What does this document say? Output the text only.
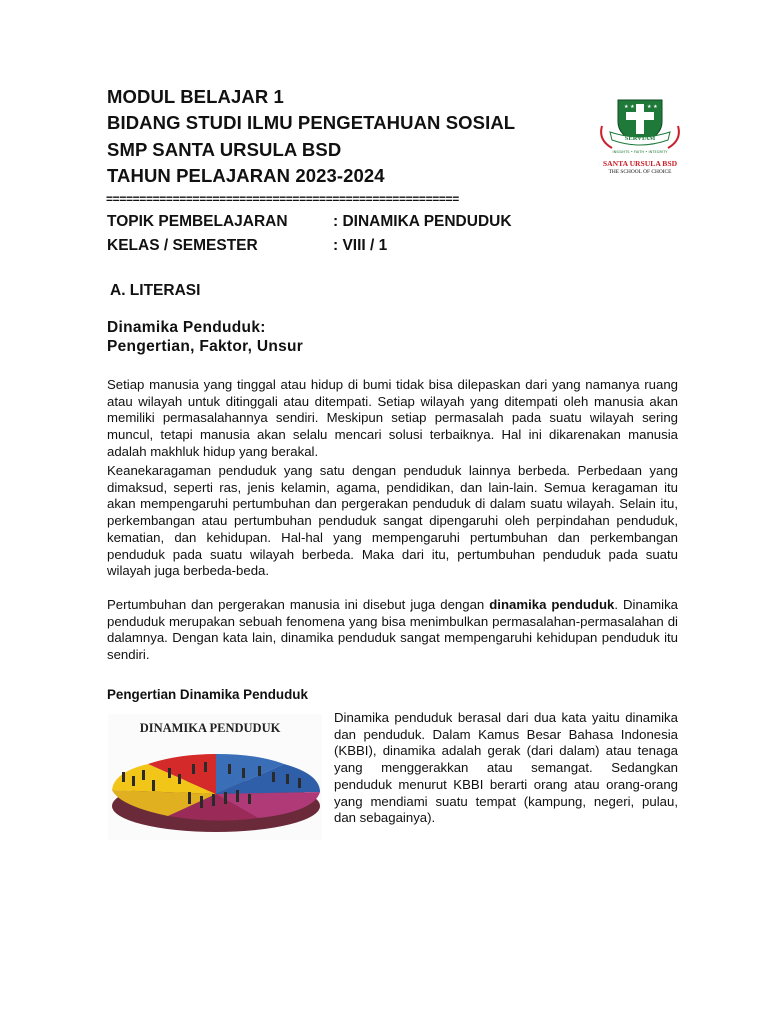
MODUL BELAJAR 1
BIDANG STUDI ILMU PENGETAHUAN SOSIAL
SMP SANTA URSULA BSD
TAHUN PELAJARAN 2023-2024
★ ★ ★ ★ ★
SERVIAM
INSIGHTS • FAITH • INTEGRITY
SANTA URSULA BSD
THE SCHOOL OF CHOICE
=====================================================
TOPIK PEMBELAJARAN	: DINAMIKA PENDUDUK
KELAS / SEMESTER	: VIII / 1
A. LITERASI
Dinamika Penduduk:
Pengertian, Faktor, Unsur

Setiap manusia yang tinggal atau hidup di bumi tidak bisa dilepaskan dari yang namanya ruang atau wilayah untuk ditinggali atau ditempati. Setiap wilayah yang ditempati oleh manusia akan memiliki permasalahannya sendiri. Meskipun setiap permasalah pada suatu wilayah sering muncul, tetapi manusia akan selalu mencari solusi terbaiknya. Hal ini dikarenakan manusia adalah makhluk hidup yang berakal.

Keanekaragaman penduduk yang satu dengan penduduk lainnya berbeda. Perbedaan yang dimaksud, seperti ras, jenis kelamin, agama, pendidikan, dan lain-lain. Semua keragaman itu akan mempengaruhi pertumbuhan dan pergerakan penduduk di dalam suatu wilayah. Selain itu, perkembangan atau pertumbuhan penduduk sangat dipengaruhi oleh perpindahan penduduk, kematian, dan kehidupan. Hal-hal yang mempengaruhi pertumbuhan dan perkembangan penduduk pada suatu wilayah berbeda. Maka dari itu, pertumbuhan penduduk pada suatu wilayah juga berbeda-beda.

Pertumbuhan dan pergerakan manusia ini disebut juga dengan dinamika penduduk. Dinamika penduduk merupakan sebuah fenomena yang bisa menimbulkan permasalahan-permasalahan di dalamnya. Dengan kata lain, dinamika penduduk sangat mempengaruhi kehidupan penduduk itu sendiri.

Pengertian Dinamika Penduduk
DINAMIKA PENDUDUK

Dinamika penduduk berasal dari dua kata yaitu dinamika dan penduduk. Dalam Kamus Besar Bahasa Indonesia (KBBI), dinamika adalah gerak (dari dalam) atau tenaga yang menggerakkan atau semangat. Sedangkan penduduk menurut KBBI berarti orang atau orang-orang yang mendiami suatu tempat (kampung, negeri, pulau, dan sebagainya).
